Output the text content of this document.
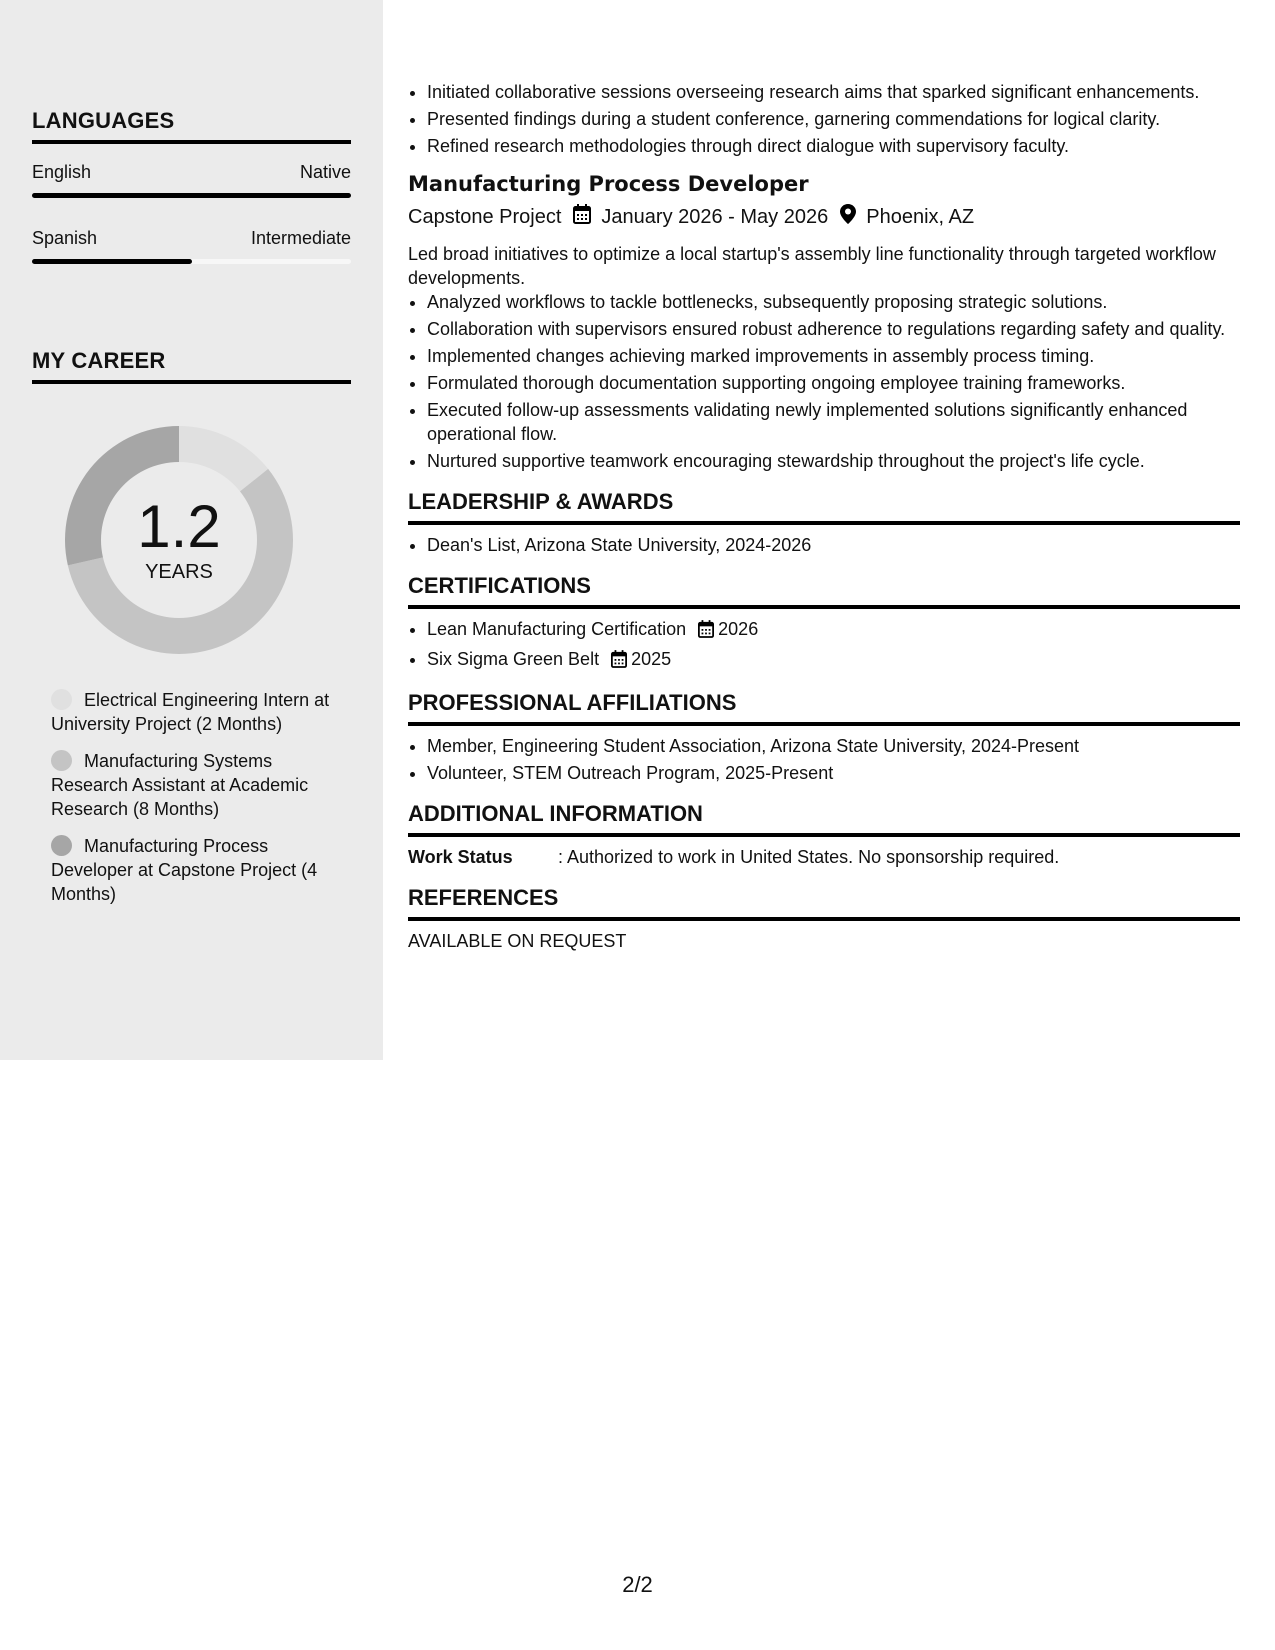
LANGUAGES
English	Native
Spanish	Intermediate
MY CAREER
1.2
YEARS
Electrical Engineering Intern at University Project (2 Months)
Manufacturing Systems Research Assistant at Academic Research (8 Months)
Manufacturing Process Developer at Capstone Project (4 Months)
• Initiated collaborative sessions overseeing research aims that sparked significant enhancements.
• Presented findings during a student conference, garnering commendations for logical clarity.
• Refined research methodologies through direct dialogue with supervisory faculty.
Manufacturing Process Developer
Capstone Project January 2026 - May 2026 Phoenix, AZ
Led broad initiatives to optimize a local startup's assembly line functionality through targeted workflow developments.
• Analyzed workflows to tackle bottlenecks, subsequently proposing strategic solutions.
• Collaboration with supervisors ensured robust adherence to regulations regarding safety and quality.
• Implemented changes achieving marked improvements in assembly process timing.
• Formulated thorough documentation supporting ongoing employee training frameworks.
• Executed follow-up assessments validating newly implemented solutions significantly enhanced operational flow.
• Nurtured supportive teamwork encouraging stewardship throughout the project's life cycle.
LEADERSHIP & AWARDS
• Dean's List, Arizona State University, 2024-2026
CERTIFICATIONS
• Lean Manufacturing Certification 2026
• Six Sigma Green Belt 2025
PROFESSIONAL AFFILIATIONS
• Member, Engineering Student Association, Arizona State University, 2024-Present
• Volunteer, STEM Outreach Program, 2025-Present
ADDITIONAL INFORMATION
Work Status	: Authorized to work in United States. No sponsorship required.
REFERENCES
AVAILABLE ON REQUEST
2/2
